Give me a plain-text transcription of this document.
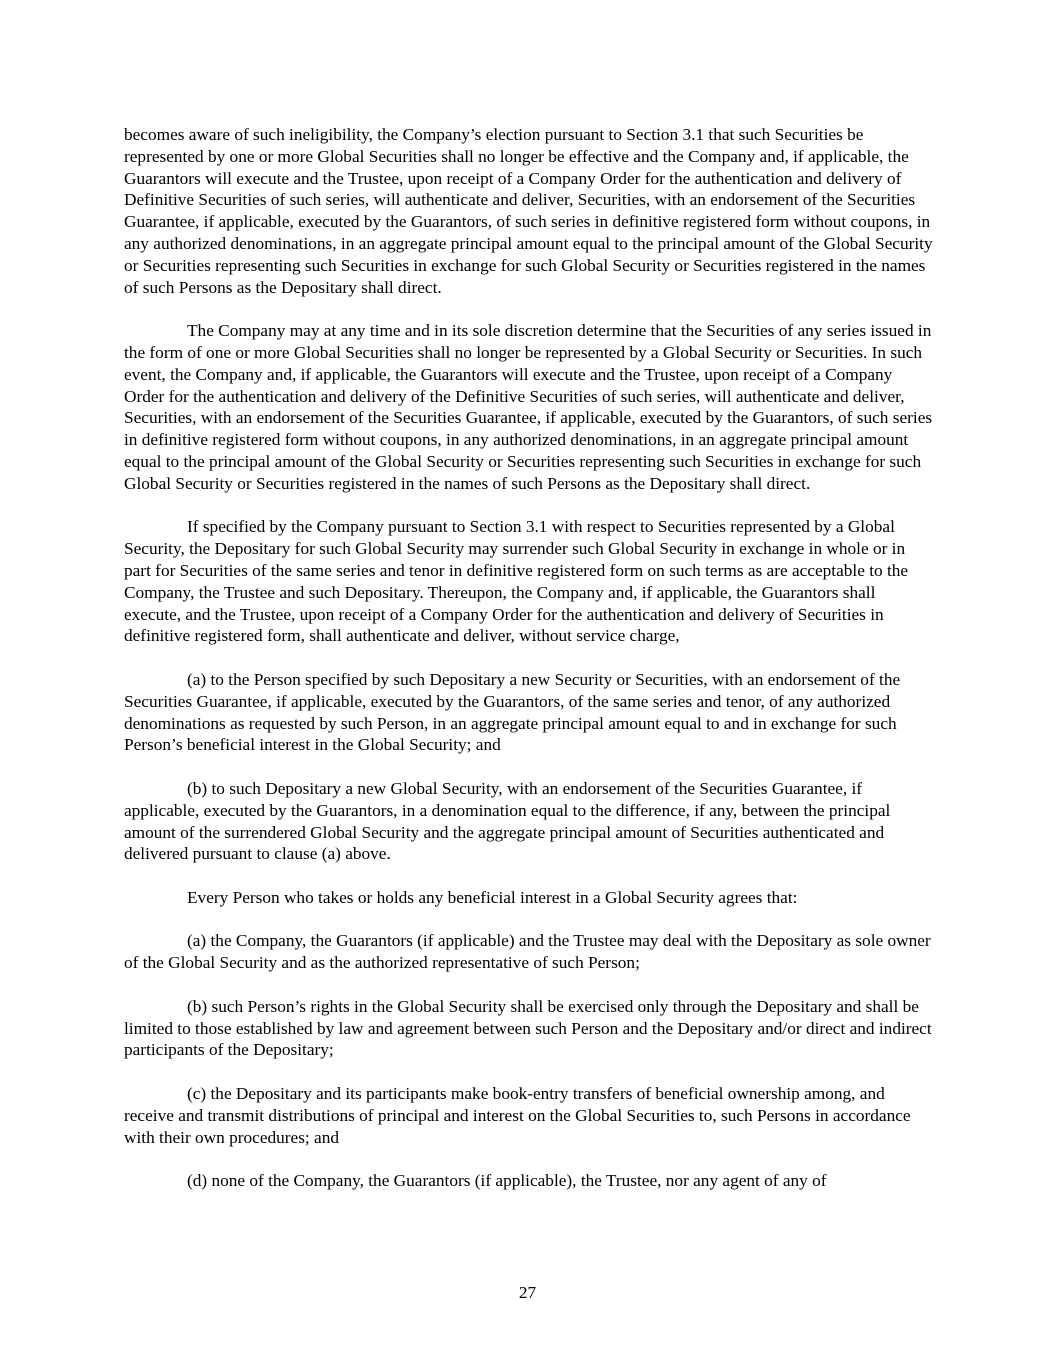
becomes aware of such ineligibility, the Company’s election pursuant to Section 3.1 that such Securities be represented by one or more Global Securities shall no longer be effective and the Company and, if applicable, the Guarantors will execute and the Trustee, upon receipt of a Company Order for the authentication and delivery of Definitive Securities of such series, will authenticate and deliver, Securities, with an endorsement of the Securities Guarantee, if applicable, executed by the Guarantors, of such series in definitive registered form without coupons, in any authorized denominations, in an aggregate principal amount equal to the principal amount of the Global Security or Securities representing such Securities in exchange for such Global Security or Securities registered in the names of such Persons as the Depositary shall direct.

The Company may at any time and in its sole discretion determine that the Securities of any series issued in the form of one or more Global Securities shall no longer be represented by a Global Security or Securities. In such event, the Company and, if applicable, the Guarantors will execute and the Trustee, upon receipt of a Company Order for the authentication and delivery of the Definitive Securities of such series, will authenticate and deliver, Securities, with an endorsement of the Securities Guarantee, if applicable, executed by the Guarantors, of such series in definitive registered form without coupons, in any authorized denominations, in an aggregate principal amount equal to the principal amount of the Global Security or Securities representing such Securities in exchange for such Global Security or Securities registered in the names of such Persons as the Depositary shall direct.

If specified by the Company pursuant to Section 3.1 with respect to Securities represented by a Global Security, the Depositary for such Global Security may surrender such Global Security in exchange in whole or in part for Securities of the same series and tenor in definitive registered form on such terms as are acceptable to the Company, the Trustee and such Depositary. Thereupon, the Company and, if applicable, the Guarantors shall execute, and the Trustee, upon receipt of a Company Order for the authentication and delivery of Securities in definitive registered form, shall authenticate and deliver, without service charge,

(a) to the Person specified by such Depositary a new Security or Securities, with an endorsement of the Securities Guarantee, if applicable, executed by the Guarantors, of the same series and tenor, of any authorized denominations as requested by such Person, in an aggregate principal amount equal to and in exchange for such Person’s beneficial interest in the Global Security; and

(b) to such Depositary a new Global Security, with an endorsement of the Securities Guarantee, if applicable, executed by the Guarantors, in a denomination equal to the difference, if any, between the principal amount of the surrendered Global Security and the aggregate principal amount of Securities authenticated and delivered pursuant to clause (a) above.

Every Person who takes or holds any beneficial interest in a Global Security agrees that:

(a) the Company, the Guarantors (if applicable) and the Trustee may deal with the Depositary as sole owner of the Global Security and as the authorized representative of such Person;

(b) such Person’s rights in the Global Security shall be exercised only through the Depositary and shall be limited to those established by law and agreement between such Person and the Depositary and/or direct and indirect participants of the Depositary;

(c) the Depositary and its participants make book-entry transfers of beneficial ownership among, and receive and transmit distributions of principal and interest on the Global Securities to, such Persons in accordance with their own procedures; and

(d) none of the Company, the Guarantors (if applicable), the Trustee, nor any agent of any of

27
